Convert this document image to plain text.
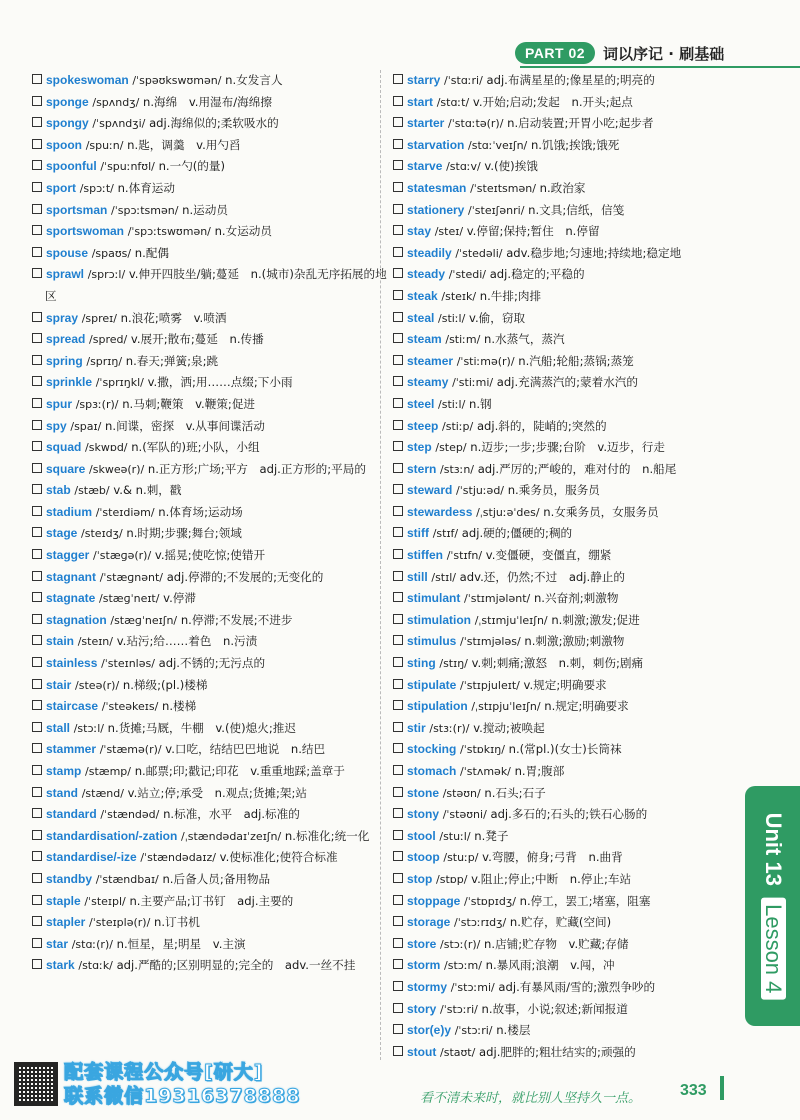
PART 02	词以序记 · 刷基础

spokeswoman /ˈspəʊkswʊmən/ n.女发言人

sponge /spʌndʒ/ n.海绵　v.用湿布/海绵擦

spongy /ˈspʌndʒi/ adj.海绵似的;柔软吸水的

spoon /spuːn/ n.匙，调羹　v.用勺舀

spoonful /ˈspuːnfʊl/ n.一勺(的量)

sport /spɔːt/ n.体育运动

sportsman /ˈspɔːtsmən/ n.运动员

sportswoman /ˈspɔːtswʊmən/ n.女运动员

spouse /spaʊs/ n.配偶

sprawl /sprɔːl/ v.伸开四肢坐/躺;蔓延　n.(城市)杂乱无序拓展的地区

spray /spreɪ/ n.浪花;喷雾　v.喷洒

spread /spred/ v.展开;散布;蔓延　n.传播

spring /sprɪŋ/ n.春天;弹簧;泉;跳

sprinkle /ˈsprɪŋkl/ v.撒，洒;用……点缀;下小雨

spur /spɜː(r)/ n.马刺;鞭策　v.鞭策;促进

spy /spaɪ/ n.间谍，密探　v.从事间谍活动

squad /skwɒd/ n.(军队的)班;小队，小组

square /skweə(r)/ n.正方形;广场;平方　adj.正方形的;平局的

stab /stæb/ v.& n.刺，戳

stadium /ˈsteɪdiəm/ n.体育场;运动场

stage /steɪdʒ/ n.时期;步骤;舞台;领域

stagger /ˈstæɡə(r)/ v.摇晃;使吃惊;使错开

stagnant /ˈstæɡnənt/ adj.停滞的;不发展的;无变化的

stagnate /stæɡˈneɪt/ v.停滞

stagnation /stæɡˈneɪʃn/ n.停滞;不发展;不进步

stain /steɪn/ v.玷污;给……着色　n.污渍

stainless /ˈsteɪnləs/ adj.不锈的;无污点的

stair /steə(r)/ n.梯级;(pl.)楼梯

staircase /ˈsteəkeɪs/ n.楼梯

stall /stɔːl/ n.货摊;马厩，牛棚　v.(使)熄火;推迟

stammer /ˈstæmə(r)/ v.口吃，结结巴巴地说　n.结巴

stamp /stæmp/ n.邮票;印;戳记;印花　v.重重地踩;盖章于

stand /stænd/ v.站立;停;承受　n.观点;货摊;架;站

standard /ˈstændəd/ n.标准，水平　adj.标准的

standardisation/-zation /ˌstændədaɪˈzeɪʃn/ n.标准化;统一化

standardise/-ize /ˈstændədaɪz/ v.使标准化;使符合标准

standby /ˈstændbaɪ/ n.后备人员;备用物品

staple /ˈsteɪpl/ n.主要产品;订书钉　adj.主要的

stapler /ˈsteɪplə(r)/ n.订书机

star /stɑː(r)/ n.恒星，星;明星　v.主演

stark /stɑːk/ adj.严酷的;区别明显的;完全的　adv.一丝不挂

starry /ˈstɑːri/ adj.布满星星的;像星星的;明亮的

start /stɑːt/ v.开始;启动;发起　n.开头;起点

starter /ˈstɑːtə(r)/ n.启动装置;开胃小吃;起步者

starvation /stɑːˈveɪʃn/ n.饥饿;挨饿;饿死

starve /stɑːv/ v.(使)挨饿

statesman /ˈsteɪtsmən/ n.政治家

stationery /ˈsteɪʃənri/ n.文具;信纸，信笺

stay /steɪ/ v.停留;保持;暂住　n.停留

steadily /ˈstedəli/ adv.稳步地;匀速地;持续地;稳定地

steady /ˈstedi/ adj.稳定的;平稳的

steak /steɪk/ n.牛排;肉排

steal /stiːl/ v.偷，窃取

steam /stiːm/ n.水蒸气，蒸汽

steamer /ˈstiːmə(r)/ n.汽船;轮船;蒸锅;蒸笼

steamy /ˈstiːmi/ adj.充满蒸汽的;蒙着水汽的

steel /stiːl/ n.钢

steep /stiːp/ adj.斜的，陡峭的;突然的

step /step/ n.迈步;一步;步骤;台阶　v.迈步，行走

stern /stɜːn/ adj.严厉的;严峻的，难对付的　n.船尾

steward /ˈstjuːəd/ n.乘务员，服务员

stewardess /ˌstjuːəˈdes/ n.女乘务员，女服务员

stiff /stɪf/ adj.硬的;僵硬的;稠的

stiffen /ˈstɪfn/ v.变僵硬，变僵直，绷紧

still /stɪl/ adv.还，仍然;不过　adj.静止的

stimulant /ˈstɪmjələnt/ n.兴奋剂;刺激物

stimulation /ˌstɪmjuˈleɪʃn/ n.刺激;激发;促进

stimulus /ˈstɪmjələs/ n.刺激;激励;刺激物

sting /stɪŋ/ v.刺;刺痛;激怒　n.刺，刺伤;剧痛

stipulate /ˈstɪpjuleɪt/ v.规定;明确要求

stipulation /ˌstɪpjuˈleɪʃn/ n.规定;明确要求

stir /stɜː(r)/ v.搅动;被唤起

stocking /ˈstɒkɪŋ/ n.(常pl.)(女士)长筒袜

stomach /ˈstʌmək/ n.胃;腹部

stone /stəʊn/ n.石头;石子

stony /ˈstəʊni/ adj.多石的;石头的;铁石心肠的

stool /stuːl/ n.凳子

stoop /stuːp/ v.弯腰，俯身;弓背　n.曲背

stop /stɒp/ v.阻止;停止;中断　n.停止;车站

stoppage /ˈstɒpɪdʒ/ n.停工，罢工;堵塞，阻塞

storage /ˈstɔːrɪdʒ/ n.贮存，贮藏(空间)

store /stɔː(r)/ n.店铺;贮存物　v.贮藏;存储

storm /stɔːm/ n.暴风雨;浪潮　v.闯，冲

stormy /ˈstɔːmi/ adj.有暴风雨/雪的;激烈争吵的

story /ˈstɔːri/ n.故事，小说;叙述;新闻报道

stor(e)y /ˈstɔːri/ n.楼层

stout /staʊt/ adj.肥胖的;粗壮结实的;顽强的

Unit 13 Lesson 4
配套课程公众号[研大]
联系微信19316378888	看不清未来时，就比别人坚持久一点。 333
